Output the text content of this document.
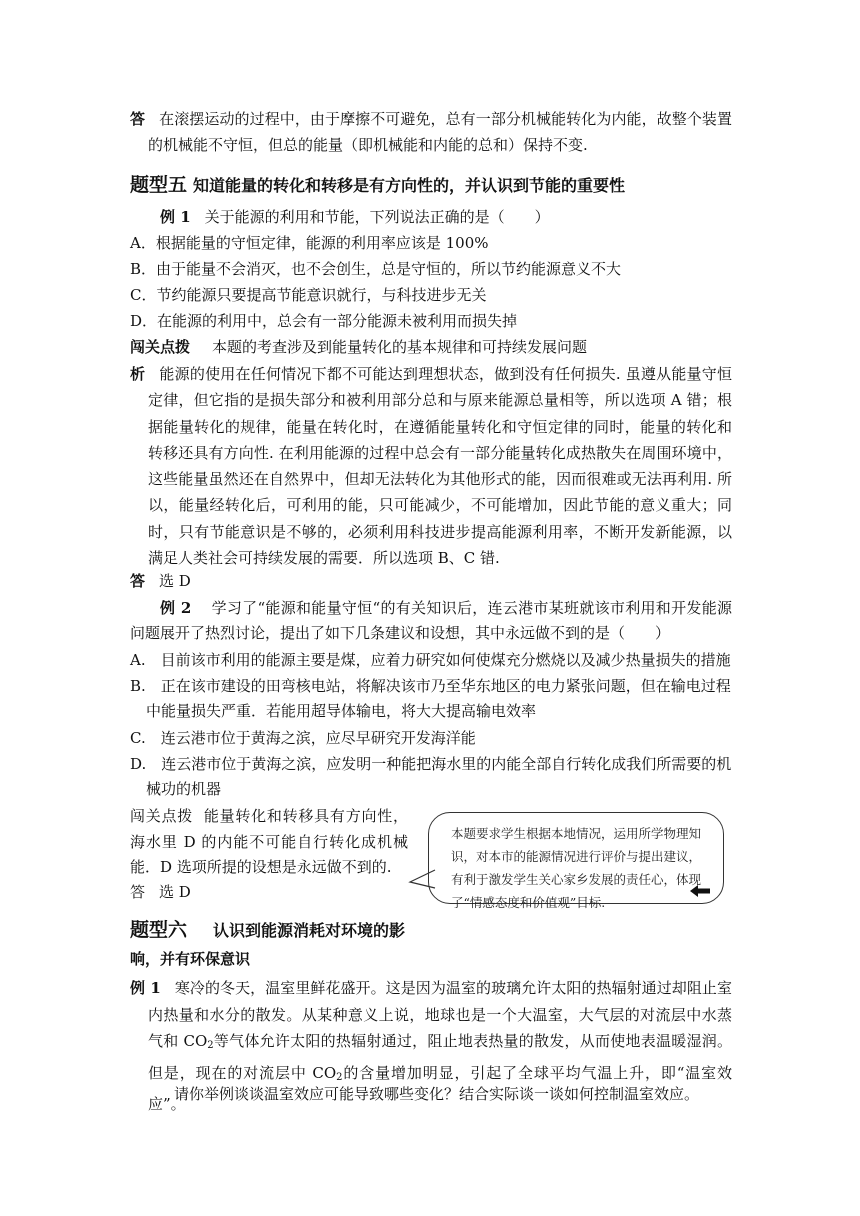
答 在滚摆运动的过程中，由于摩擦不可避免，总有一部分机械能转化为内能，故整个装置的机械能不守恒，但总的能量（即机械能和内能的总和）保持不变.
题型五 知道能量的转化和转移是有方向性的，并认识到节能的重要性
例 1 关于能源的利用和节能，下列说法正确的是（　　）
A．根据能量的守恒定律，能源的利用率应该是 100%
B．由于能量不会消灭，也不会创生，总是守恒的，所以节约能源意义不大
C．节约能源只要提高节能意识就行，与科技进步无关
D．在能源的利用中，总会有一部分能源未被利用而损失掉
闯关点拨 本题的考查涉及到能量转化的基本规律和可持续发展问题
析 能源的使用在任何情况下都不可能达到理想状态，做到没有任何损失. 虽遵从能量守恒定律，但它指的是损失部分和被利用部分总和与原来能源总量相等，所以选项 A 错；根据能量转化的规律，能量在转化时，在遵循能量转化和守恒定律的同时，能量的转化和转移还具有方向性. 在利用能源的过程中总会有一部分能量转化成热散失在周围环境中，这些能量虽然还在自然界中，但却无法转化为其他形式的能，因而很难或无法再利用. 所以，能量经转化后，可利用的能，只可能减少，不可能增加，因此节能的意义重大；同时，只有节能意识是不够的，必须利用科技进步提高能源利用率，不断开发新能源，以满足人类社会可持续发展的需要．所以选项 B、C 错.
答 选 D
例 2 学习了“能源和能量守恒“的有关知识后，连云港市某班就该市利用和开发能源问题展开了热烈讨论，提出了如下几条建议和设想，其中永远做不到的是（　　）
A.　目前该市利用的能源主要是煤，应着力研究如何使煤充分燃烧以及减少热量损失的措施
B.　正在该市建设的田弯核电站，将解决该市乃至华东地区的电力紧张问题，但在输电过程中能量损失严重．若能用超导体输电，将大大提高输电效率
C.　连云港市位于黄海之滨，应尽早研究开发海洋能
D.　连云港市位于黄海之滨，应发明一种能把海水里的内能全部自行转化成我们所需要的机械功的机器
闯关点拨 能量转化和转移具有方向性，海水里 D 的内能不可能自行转化成机械能．D 选项所提的设想是永远做不到的.
答 选 D
本题要求学生根据本地情况，运用所学物理知识，对本市的能源情况进行评价与提出建议，有利于激发学生关心家乡发展的责任心，体现了“情感态度和价值观”目标.
题型六 认识到能源消耗对环境的影
响，并有环保意识
例 1 寒冷的冬天，温室里鲜花盛开。这是因为温室的玻璃允许太阳的热辐射通过却阻止室内热量和水分的散发。从某种意义上说，地球也是一个大温室，大气层的对流层中水蒸气和 $CO_2$等气体允许太阳的热辐射通过，阻止地表热量的散发，从而使地表温暖湿润。但是，现在的对流层中 $CO_2$的含量增加明显，引起了全球平均气温上升，即“温室效应”。
请你举例谈谈温室效应可能导致哪些变化？结合实际谈一谈如何控制温室效应。
